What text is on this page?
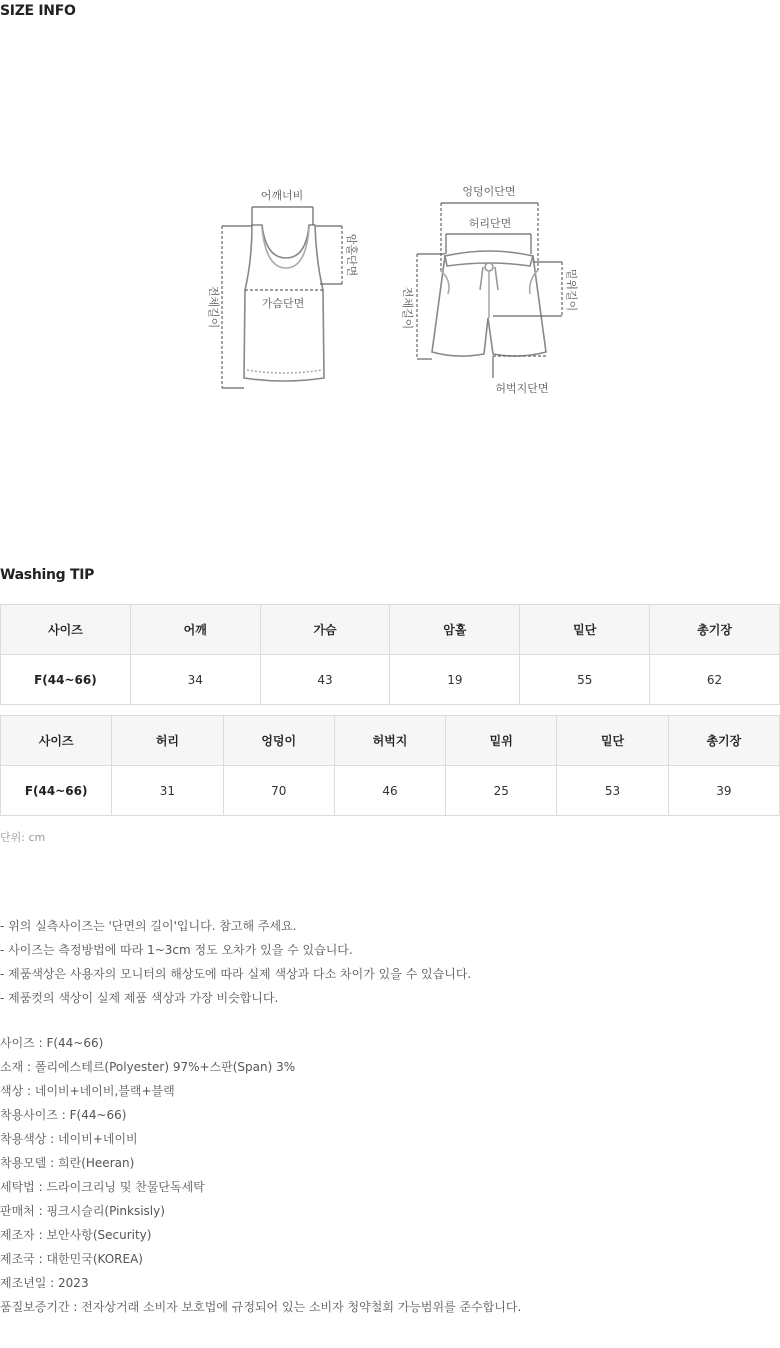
SIZE INFO
어깨너비
가슴단면
암홀단면
전체길이
엉덩이단면
허리단면
밑위길이
전체길이
허벅지단면
Washing TIP
사이즈	어깨	가슴	암홀	밑단	총기장
F(44~66)	34	43	19	55	62
사이즈	허리	엉덩이	허벅지	밑위	밑단	총기장
F(44~66)	31	70	46	25	53	39
단위: cm
- 위의 실측사이즈는 '단면의 길이'입니다. 참고해 주세요.
- 사이즈는 측정방법에 따라 1~3cm 정도 오차가 있을 수 있습니다.
- 제품색상은 사용자의 모니터의 해상도에 따라 실제 색상과 다소 차이가 있을 수 있습니다.
- 제품컷의 색상이 실제 제품 색상과 가장 비슷합니다.
사이즈 : F(44~66)
소재 : 폴리에스테르(Polyester) 97%+스판(Span) 3%
색상 : 네이비+네이비,블랙+블랙
착용사이즈 : F(44~66)
착용색상 : 네이비+네이비
착용모델 : 희란(Heeran)
세탁법 : 드라이크리닝 및 찬물단독세탁
판매처 : 핑크시슬리(Pinksisly)
제조자 : 보안사항(Security)
제조국 : 대한민국(KOREA)
제조년일 : 2023
품질보증기간 : 전자상거래 소비자 보호법에 규정되어 있는 소비자 청약철회 가능범위를 준수합니다.
